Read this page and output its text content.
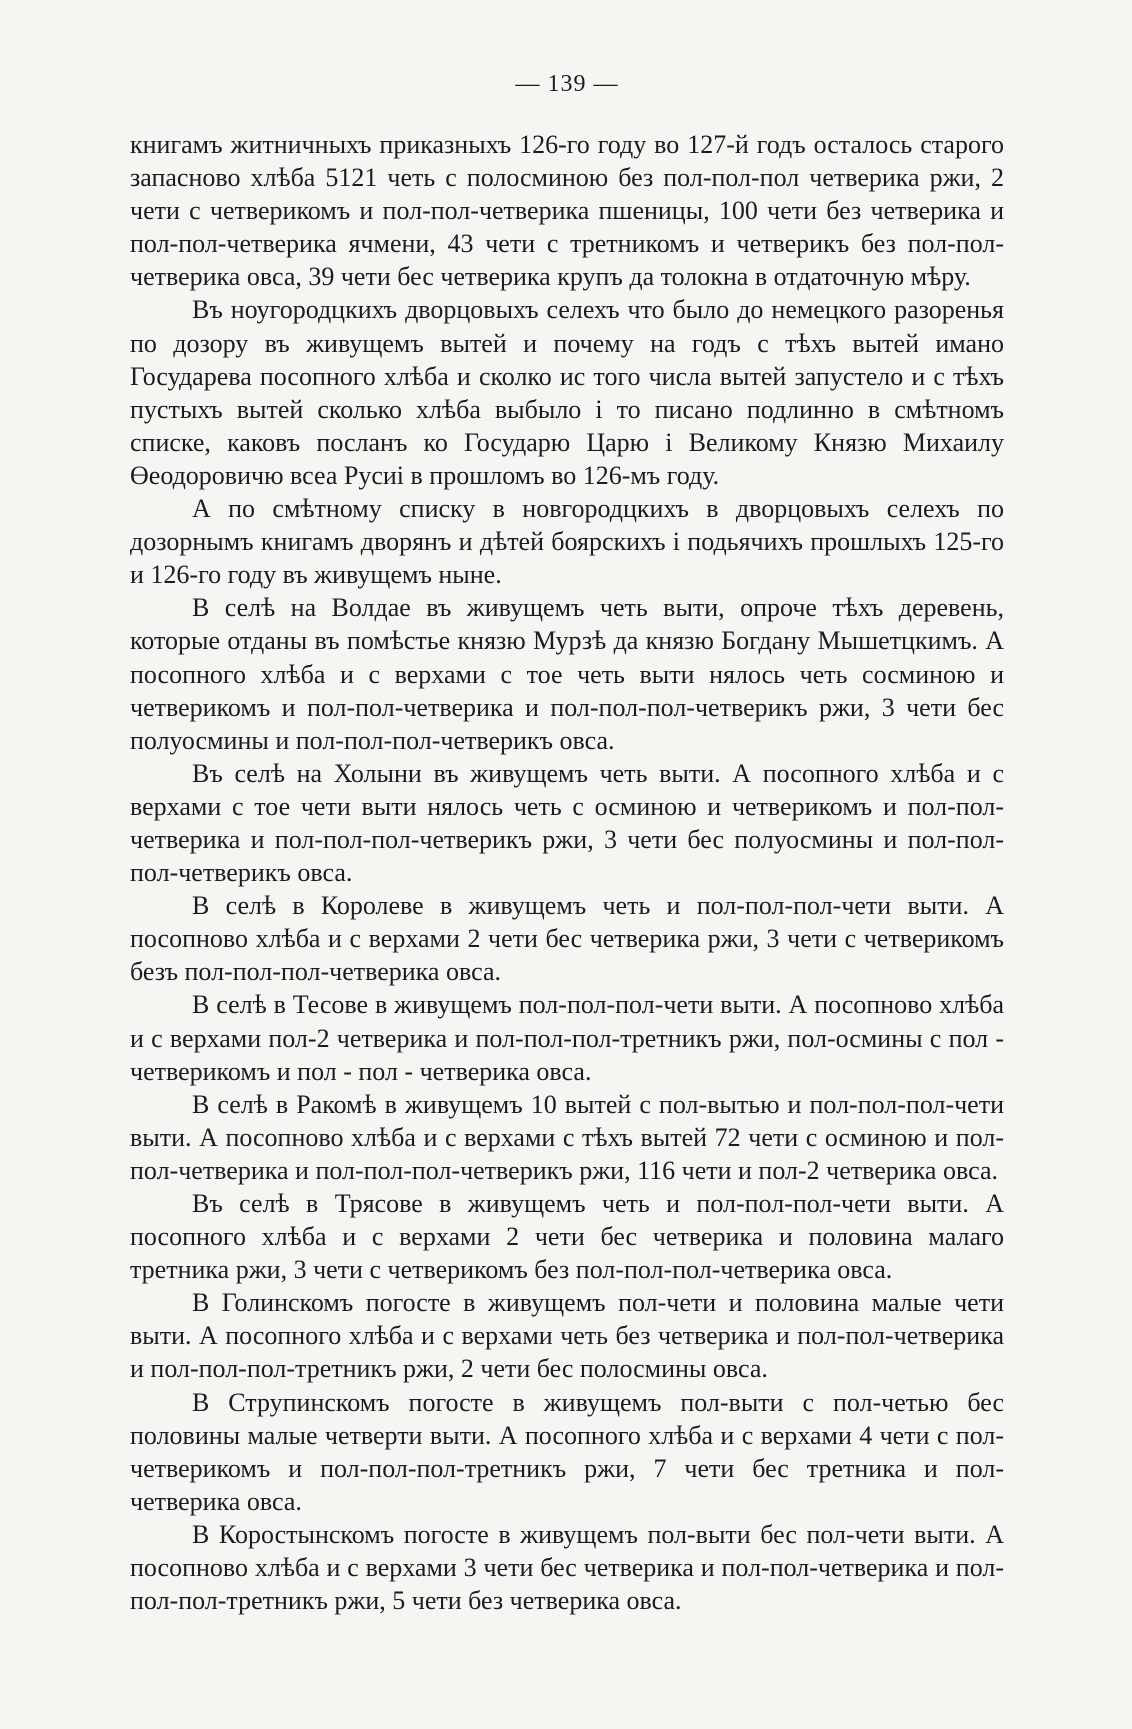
— 139 —

книгамъ житничныхъ приказныхъ 126-го году во 127-й годъ осталось старого запасново хлѣба 5121 четь с полосминою без пол-пол-пол четверика ржи, 2 чети с четверикомъ и пол-пол-четверика пшеницы, 100 чети без четверика и пол-пол-четверика ячмени, 43 чети с третникомъ и четверикъ без пол-пол-четверика овса, 39 чети бес четверика крупъ да толокна в отдаточную мѣру.

Въ ноугородцкихъ дворцовыхъ селехъ что было до немецкого разоренья по дозору въ живущемъ вытей и почему на годъ с тѣхъ вытей имано Государева посопного хлѣба и сколко ис того числа вытей запустело и с тѣхъ пустыхъ вытей сколько хлѣба выбыло і то писано подлинно в смѣтномъ списке, каковъ посланъ ко Государю Царю і Великому Князю Михаилу Өеодоровичю всеа Русиі в прошломъ во 126-мъ году.

А по смѣтному списку в новгородцкихъ в дворцовыхъ селехъ по дозорнымъ книгамъ дворянъ и дѣтей боярскихъ і подьячихъ прошлыхъ 125-го и 126-го году въ живущемъ ныне.

В селѣ на Волдае въ живущемъ четь выти, опроче тѣхъ деревень, которые отданы въ помѣстье князю Мурзѣ да князю Богдану Мышетцкимъ. А посопного хлѣба и с верхами с тое четь выти нялось четь сосминою и четверикомъ и пол-пол-четверика и пол-пол-пол-четверикъ ржи, 3 чети бес полуосмины и пол-пол-пол-четверикъ овса.

Въ селѣ на Холыни въ живущемъ четь выти. А посопного хлѣба и с верхами с тое чети выти нялось четь с осминою и четверикомъ и пол-пол-четверика и пол-пол-пол-четверикъ ржи, 3 чети бес полуосмины и пол-пол-пол-четверикъ овса.

В селѣ в Королеве в живущемъ четь и пол-пол-пол-чети выти. А посопново хлѣба и с верхами 2 чети бес четверика ржи, 3 чети с четверикомъ безъ пол-пол-пол-четверика овса.

В селѣ в Тесове в живущемъ пол-пол-пол-чети выти. А посопново хлѣба и с верхами пол-2 четверика и пол-пол-пол-третникъ ржи, пол-осмины с пол - четверикомъ и пол - пол - четверика овса.

В селѣ в Ракомѣ в живущемъ 10 вытей с пол-вытью и пол-пол-пол-чети выти. А посопново хлѣба и с верхами с тѣхъ вытей 72 чети с осминою и пол-пол-четверика и пол-пол-пол-четверикъ ржи, 116 чети и пол-2 четверика овса.

Въ селѣ в Трясове в живущемъ четь и пол-пол-пол-чети выти. А посопного хлѣба и с верхами 2 чети бес четверика и половина малаго третника ржи, 3 чети с четверикомъ без пол-пол-пол-четверика овса.

В Голинскомъ погосте в живущемъ пол-чети и половина малые чети выти. А посопного хлѣба и с верхами четь без четверика и пол-пол-четверика и пол-пол-пол-третникъ ржи, 2 чети бес полосмины овса.

В Струпинскомъ погосте в живущемъ пол-выти с пол-четью бес половины малые четверти выти. А посопного хлѣба и с верхами 4 чети с пол-четверикомъ и пол-пол-пол-третникъ ржи, 7 чети бес третника и пол-четверика овса.

В Коростынскомъ погосте в живущемъ пол-выти бес пол-чети выти. А посопново хлѣба и с верхами 3 чети бес четверика и пол-пол-четверика и пол-пол-пол-третникъ ржи, 5 чети без четверика овса.
